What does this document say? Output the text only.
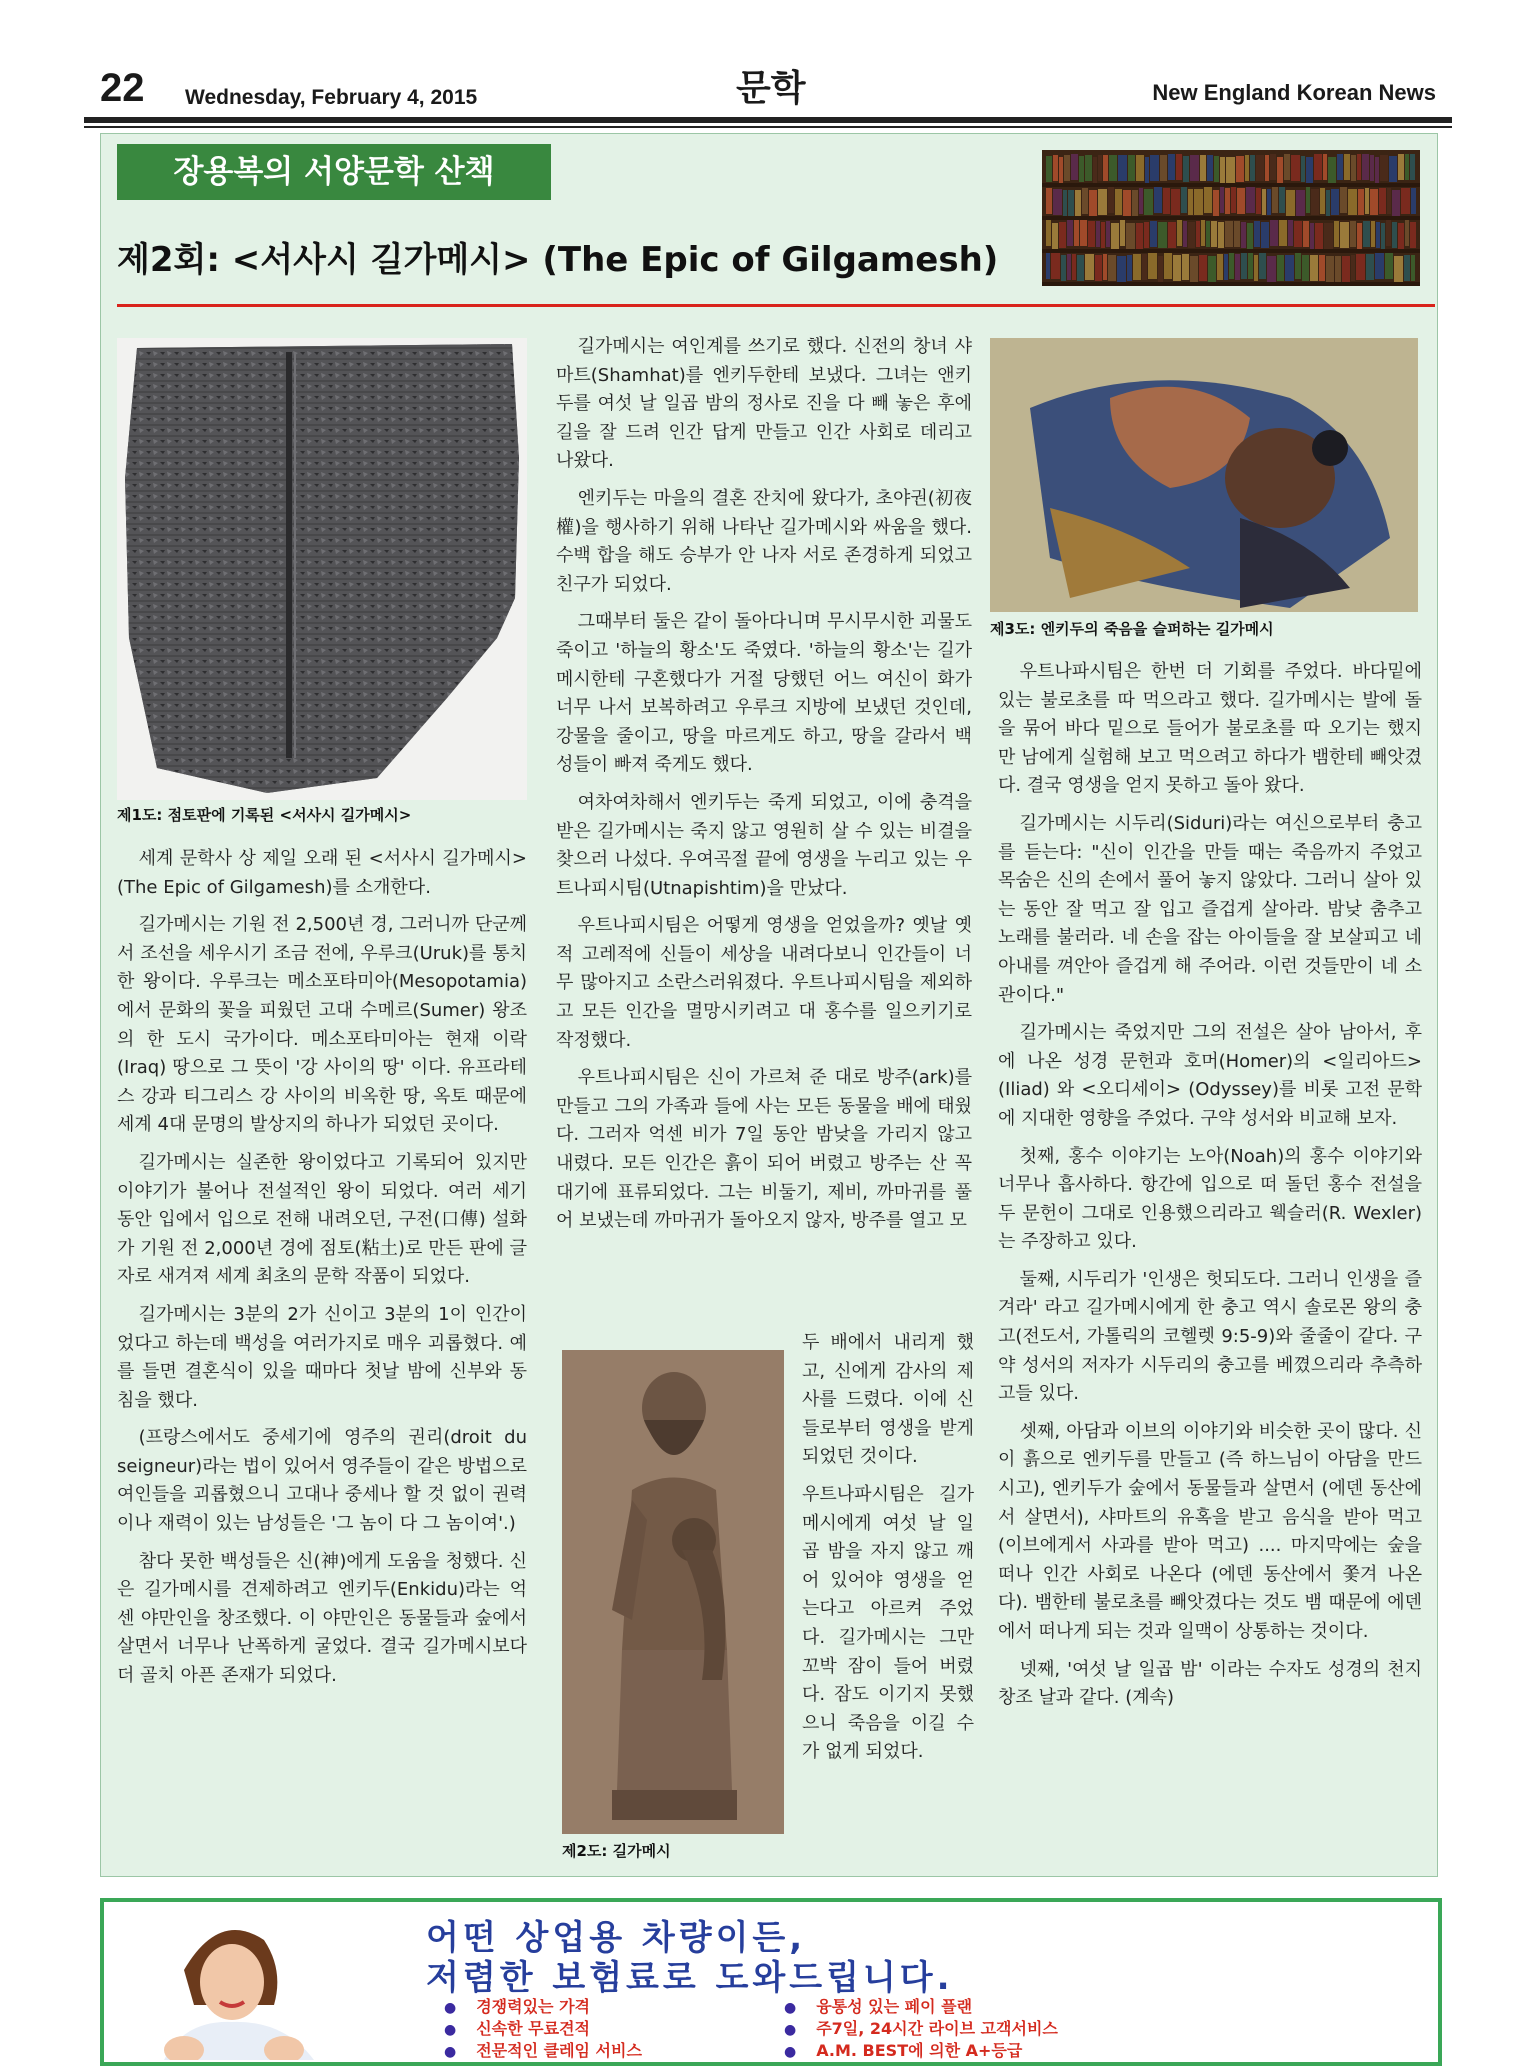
22 Wednesday, February 4, 2015	문학	New England Korean News
장용복의 서양문학 산책
제2회: <서사시 길가메시> (The Epic of Gilgamesh)
제1도: 점토판에 기록된 <서사시 길가메시>

세계 문학사 상 제일 오래 된 <서사시 길가메시> (The Epic of Gilgamesh)를 소개한다.

길가메시는 기원 전 2,500년 경, 그러니까 단군께서 조선을 세우시기 조금 전에, 우루크(Uruk)를 통치한 왕이다. 우루크는 메소포타미아(Mesopotamia)에서 문화의 꽃을 피웠던 고대 수메르(Sumer) 왕조의 한 도시 국가이다. 메소포타미아는 현재 이락(Iraq) 땅으로 그 뜻이 '강 사이의 땅' 이다. 유프라테스 강과 티그리스 강 사이의 비옥한 땅, 옥토 때문에 세계 4대 문명의 발상지의 하나가 되었던 곳이다.

길가메시는 실존한 왕이었다고 기록되어 있지만 이야기가 불어나 전설적인 왕이 되었다. 여러 세기 동안 입에서 입으로 전해 내려오던, 구전(口傳) 설화가 기원 전 2,000년 경에 점토(粘土)로 만든 판에 글자로 새겨져 세계 최초의 문학 작품이 되었다.

길가메시는 3분의 2가 신이고 3분의 1이 인간이었다고 하는데 백성을 여러가지로 매우 괴롭혔다. 예를 들면 결혼식이 있을 때마다 첫날 밤에 신부와 동침을 했다.

(프랑스에서도 중세기에 영주의 권리(droit du seigneur)라는 법이 있어서 영주들이 같은 방법으로 여인들을 괴롭혔으니 고대나 중세나 할 것 없이 권력이나 재력이 있는 남성들은 '그 놈이 다 그 놈이여'.)

참다 못한 백성들은 신(神)에게 도움을 청했다. 신은 길가메시를 견제하려고 엔키두(Enkidu)라는 억센 야만인을 창조했다. 이 야만인은 동물들과 숲에서 살면서 너무나 난폭하게 굴었다. 결국 길가메시보다 더 골치 아픈 존재가 되었다.

길가메시는 여인계를 쓰기로 했다. 신전의 창녀 샤마트(Shamhat)를 엔키두한테 보냈다. 그녀는 앤키두를 여섯 날 일곱 밤의 정사로 진을 다 빼 놓은 후에 길을 잘 드려 인간 답게 만들고 인간 사회로 데리고 나왔다.

엔키두는 마을의 결혼 잔치에 왔다가, 초야권(初夜權)을 행사하기 위해 나타난 길가메시와 싸움을 했다. 수백 합을 해도 승부가 안 나자 서로 존경하게 되었고 친구가 되었다.

그때부터 둘은 같이 돌아다니며 무시무시한 괴물도 죽이고 '하늘의 황소'도 죽였다. '하늘의 황소'는 길가메시한테 구혼했다가 거절 당했던 어느 여신이 화가 너무 나서 보복하려고 우루크 지방에 보냈던 것인데, 강물을 줄이고, 땅을 마르게도 하고, 땅을 갈라서 백성들이 빠져 죽게도 했다.

여차여차해서 엔키두는 죽게 되었고, 이에 충격을 받은 길가메시는 죽지 않고 영원히 살 수 있는 비결을 찾으러 나섰다. 우여곡절 끝에 영생을 누리고 있는 우트나피시팀(Utnapishtim)을 만났다.

우트나피시팀은 어떻게 영생을 얻었을까? 옛날 옛적 고레적에 신들이 세상을 내려다보니 인간들이 너무 많아지고 소란스러워졌다. 우트나피시팀을 제외하고 모든 인간을 멸망시키려고 대 홍수를 일으키기로 작정했다.

우트나피시팀은 신이 가르쳐 준 대로 방주(ark)를 만들고 그의 가족과 들에 사는 모든 동물을 배에 태웠다. 그러자 억센 비가 7일 동안 밤낮을 가리지 않고 내렸다. 모든 인간은 흙이 되어 버렸고 방주는 산 꼭대기에 표류되었다. 그는 비둘기, 제비, 까마귀를 풀어 보냈는데 까마귀가 돌아오지 않자, 방주를 열고 모

제2도: 길가메시

두 배에서 내리게 했고, 신에게 감사의 제사를 드렸다. 이에 신들로부터 영생을 받게 되었던 것이다.

우트나파시팀은 길가메시에게 여섯 날 일곱 밤을 자지 않고 깨어 있어야 영생을 얻는다고 아르켜 주었다. 길가메시는 그만 꼬박 잠이 들어 버렸다. 잠도 이기지 못했으니 죽음을 이길 수가 없게 되었다.

제3도: 엔키두의 죽음을 슬퍼하는 길가메시

우트나파시팀은 한번 더 기회를 주었다. 바다밑에 있는 불로초를 따 먹으라고 했다. 길가메시는 발에 돌을 묶어 바다 밑으로 들어가 불로초를 따 오기는 했지만 남에게 실험해 보고 먹으려고 하다가 뱀한테 빼앗겼다. 결국 영생을 얻지 못하고 돌아 왔다.

길가메시는 시두리(Siduri)라는 여신으로부터 충고를 듣는다: "신이 인간을 만들 때는 죽음까지 주었고 목숨은 신의 손에서 풀어 놓지 않았다. 그러니 살아 있는 동안 잘 먹고 잘 입고 즐겁게 살아라. 밤낮 춤추고 노래를 불러라. 네 손을 잡는 아이들을 잘 보살피고 네 아내를 껴안아 즐겁게 해 주어라. 이런 것들만이 네 소관이다."

길가메시는 죽었지만 그의 전설은 살아 남아서, 후에 나온 성경 문헌과 호머(Homer)의 <일리아드> (Iliad) 와 <오디세이> (Odyssey)를 비롯 고전 문학에 지대한 영향을 주었다. 구약 성서와 비교해 보자.

첫째, 홍수 이야기는 노아(Noah)의 홍수 이야기와 너무나 흡사하다. 항간에 입으로 떠 돌던 홍수 전설을 두 문헌이 그대로 인용했으리라고 웩슬러(R. Wexler)는 주장하고 있다.

둘째, 시두리가 '인생은 헛되도다. 그러니 인생을 즐겨라' 라고 길가메시에게 한 충고 역시 솔로몬 왕의 충고(전도서, 가톨릭의 코헬렛 9:5-9)와 줄줄이 같다. 구약 성서의 저자가 시두리의 충고를 베꼈으리라 추측하고들 있다.

셋째, 아담과 이브의 이야기와 비슷한 곳이 많다. 신이 흙으로 엔키두를 만들고 (즉 하느님이 아담을 만드시고), 엔키두가 숲에서 동물들과 살면서 (에덴 동산에서 살면서), 샤마트의 유혹을 받고 음식을 받아 먹고 (이브에게서 사과를 받아 먹고) .... 마지막에는 숲을 떠나 인간 사회로 나온다 (에덴 동산에서 쫓겨 나온다). 뱀한테 불로초를 빼앗겼다는 것도 뱀 때문에 에덴에서 떠나게 되는 것과 일맥이 상통하는 것이다.

넷째, '여섯 날 일곱 밤' 이라는 수자도 성경의 천지창조 날과 같다. (계속)

어떤 상업용 차량이든,
저렴한 보험료로 도와드립니다.
● 경쟁력있는 가격	● 융통성 있는 페이 플랜
● 신속한 무료견적	● 주7일, 24시간 라이브 고객서비스
● 전문적인 클레임 서비스	● A.M. BEST에 의한 A+등급
